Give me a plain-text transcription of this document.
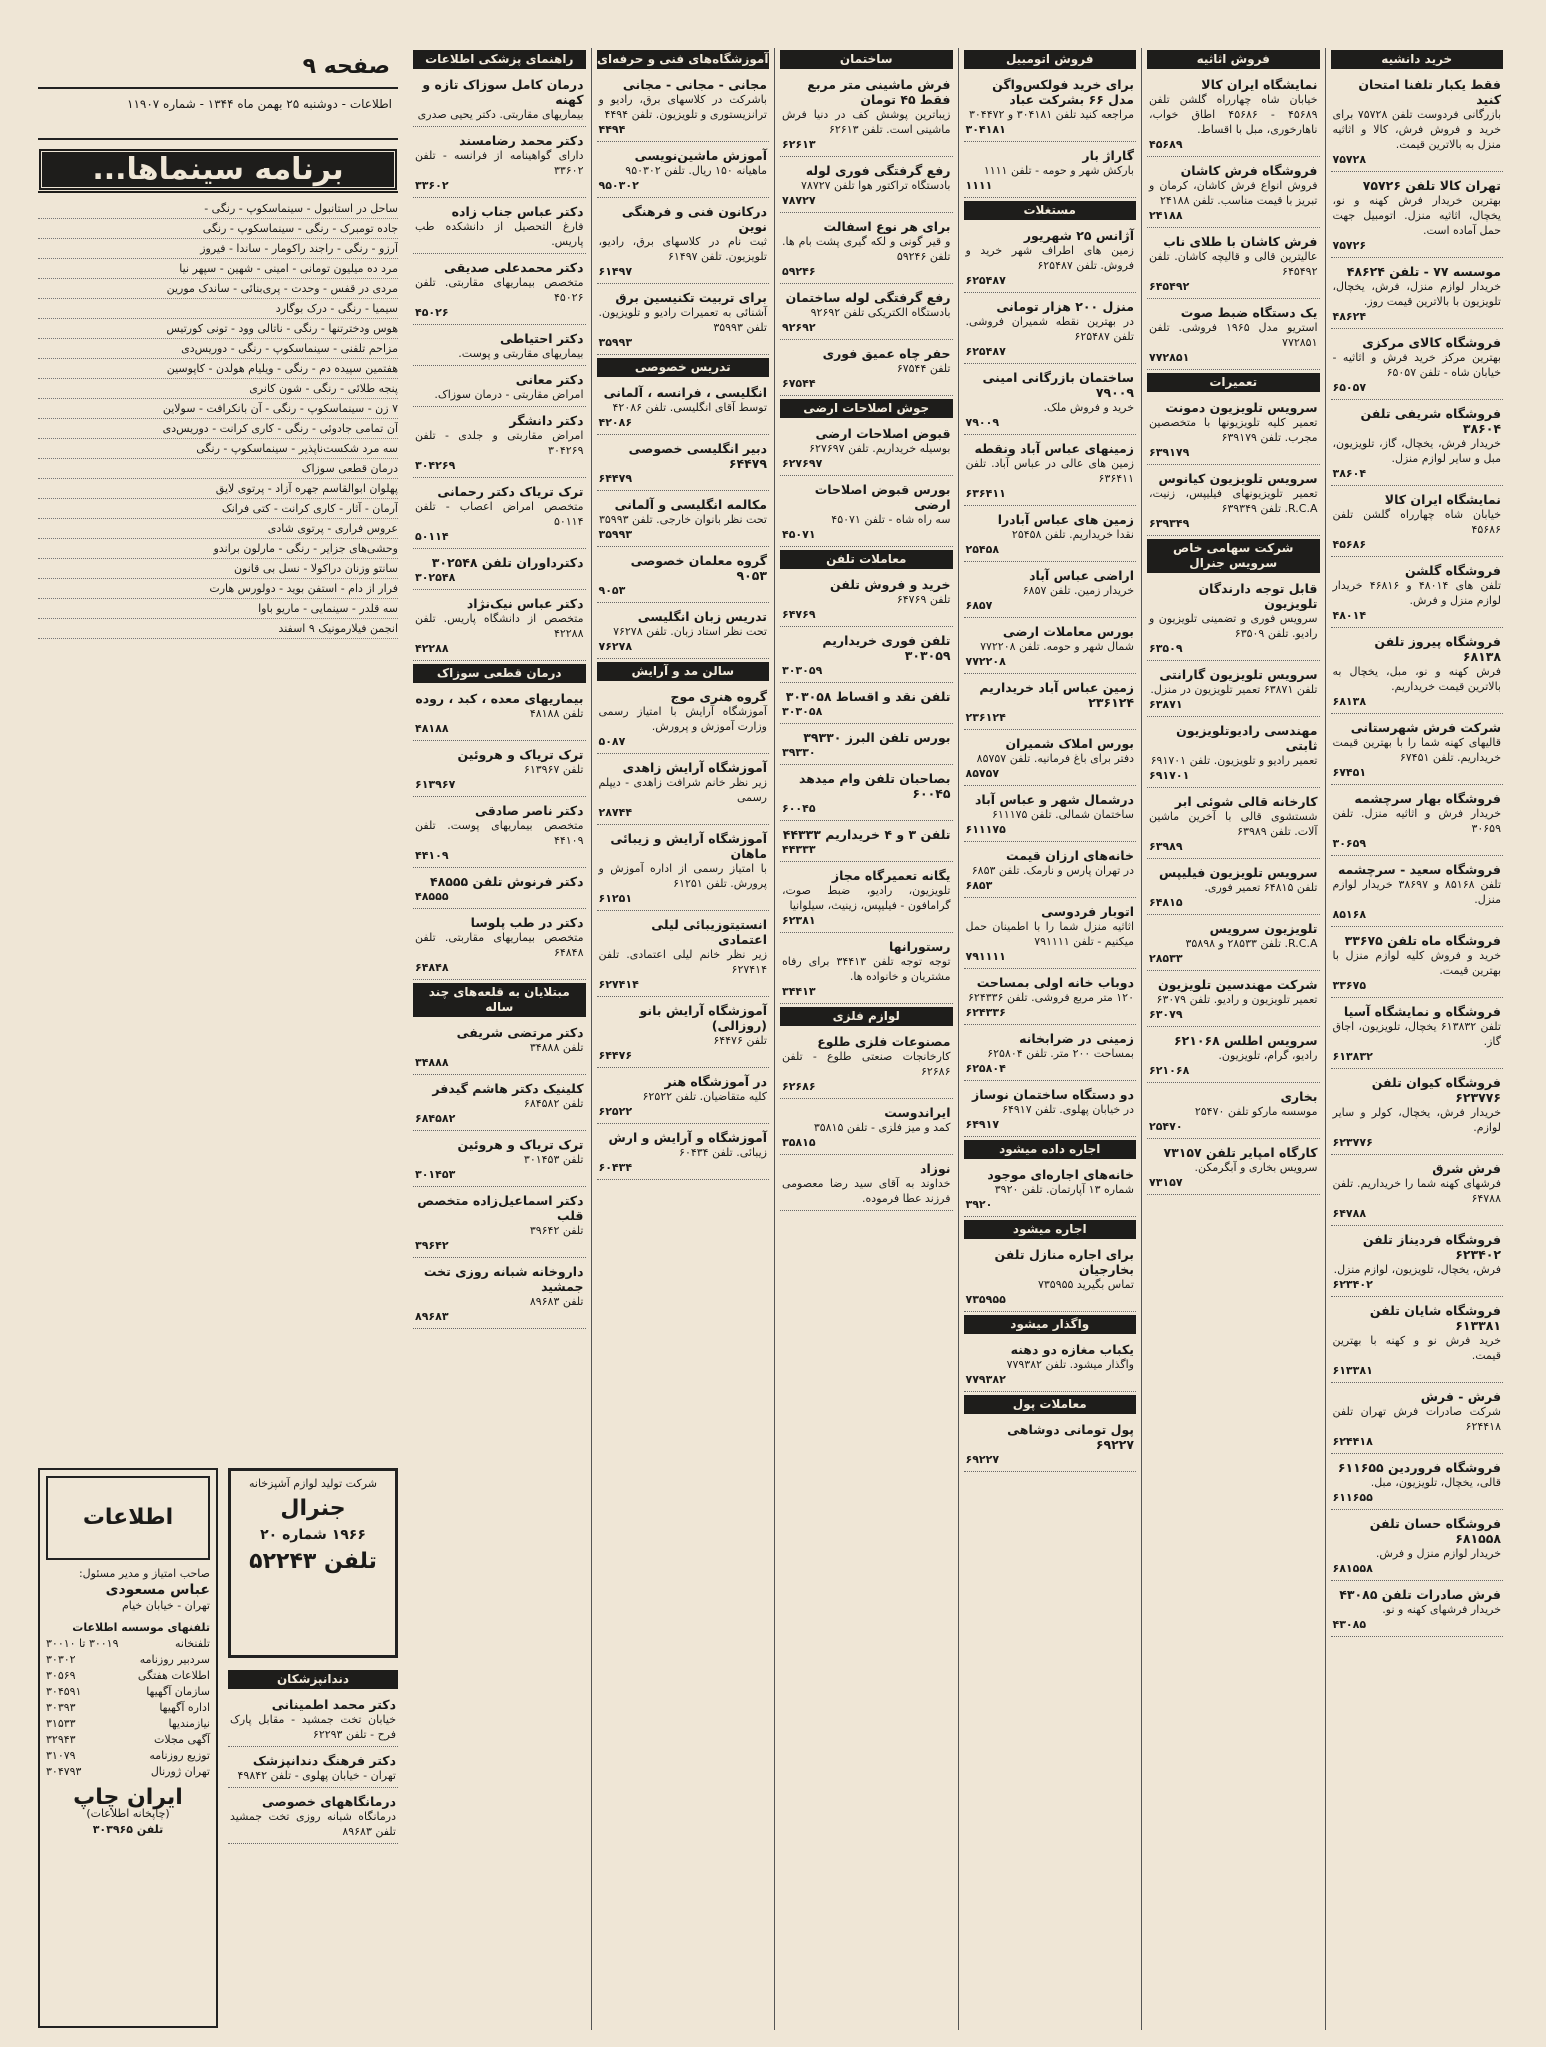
صفحه ۹
اطلاعات - دوشنبه ۲۵ بهمن ماه ۱۳۴۴ - شماره ۱۱۹۰۷
برنامه سینماها...
ساحل در استانبول - سینماسکوپ - رنگی -
جاده تومبرک - رنگی - سینماسکوپ - رنگی
آرزو - رنگی - راجند راکومار - ساندا - فیروز
مرد ده میلیون تومانی - امینی - شهین - سپهر نیا
مردی در قفس - وحدت - پری‌بنائی - ساندک مورین
سیمیا - رنگی - درک بوگارد
هوس ودخترتنها - رنگی - ناتالی وود - تونی کورتیس
مزاحم تلفنی - سینماسکوپ - رنگی - دوریس‌دی
هفتمین سپیده دم - رنگی - ویلیام هولدن - کاپوسین
پنجه طلائی - رنگی - شون کانری
۷ زن - سینماسکوپ - رنگی - آن بانکرافت - سولاین
آن تمامی جادوئی - رنگی - کاری کرانت - دوریس‌دی
سه مرد شکست‌ناپذیر - سینماسکوپ - رنگی
درمان قطعی سوزاک
پهلوان ابوالقاسم جهره آزاد - پرتوی لایق
آرمان - آثار - کاری کرانت - کتی فرانک
عروس فراری - پرتوی شادی
وحشی‌های جزایر - رنگی - مارلون براندو
سانتو وزنان دراکولا - نسل بی قانون
فرار از دام - استفن بوید - دولورس هارت
سه قلدر - سینمایی - ماریو باوا
انجمن فیلارمونیک ۹ اسفند
اطلاعات
صاحب امتیاز و مدیر مسئول:
عباس مسعودی
تهران - خیابان خیام
تلفنهای موسسه اطلاعات
تلفنخانه
۳۰۰۱۹ تا ۳۰۰۱۰
سردبیر روزنامه
۳۰۳۰۲
اطلاعات هفتگی
۳۰۵۶۹
سازمان آگهیها
۳۰۴۵۹۱
اداره آگهیها
۳۰۳۹۳
نیازمندیها
۳۱۵۳۳
آگهی مجلات
۳۲۹۴۳
توزیع روزنامه
۳۱۰۷۹
تهران ژورنال
۳۰۴۷۹۳
ایران چاپ
(چاپخانه اطلاعات)
تلفن ۳۰۳۹۶۵
شرکت تولید لوازم آشپزخانه
جنرال
۱۹۶۶ شماره ۲۰
تلفن ۵۲۲۴۳
دندانپزشکان
دکتر محمد اطمینانی
خیابان تخت جمشید - مقابل پارک فرح - تلفن ۶۲۲۹۳
دکتر فرهنگ دندانپزشک
تهران - خیابان پهلوی - تلفن ۴۹۸۴۲
درمانگاههای خصوصی
درمانگاه شبانه روزی تخت جمشید تلفن ۸۹۶۸۳
خرید دانشیه
فقط یکبار تلفنا امتحان کنید
بازرگانی فردوست تلفن ۷۵۷۲۸ برای خرید و فروش فرش، کالا و اثاثیه منزل به بالاترین قیمت.
۷۵۷۲۸
تهران کالا تلفن ۷۵۷۲۶
بهترین خریدار فرش کهنه و نو، یخچال، اثاثیه منزل. اتومبیل جهت حمل آماده است.
۷۵۷۲۶
موسسه ۷۷ - تلفن ۴۸۶۲۴
خریدار لوازم منزل، فرش، یخچال، تلویزیون با بالاترین قیمت روز.
۴۸۶۲۴
فروشگاه کالای مرکزی
بهترین مرکز خرید فرش و اثاثیه - خیابان شاه - تلفن ۶۵۰۵۷
۶۵۰۵۷
فروشگاه شریفی تلفن ۳۸۶۰۴
خریدار فرش، یخچال، گاز، تلویزیون، مبل و سایر لوازم منزل.
۳۸۶۰۴
نمایشگاه ایران کالا
خیابان شاه چهارراه گلشن تلفن ۴۵۶۸۶
۴۵۶۸۶
فروشگاه گلشن
تلفن های ۴۸۰۱۴ و ۴۶۸۱۶ خریدار لوازم منزل و فرش.
۴۸۰۱۴
فروشگاه پیروز تلفن ۶۸۱۳۸
فرش کهنه و نو، مبل، یخچال به بالاترین قیمت خریداریم.
۶۸۱۳۸
شرکت فرش شهرستانی
قالیهای کهنه شما را با بهترین قیمت خریداریم. تلفن ۶۷۴۵۱
۶۷۴۵۱
فروشگاه بهار سرچشمه
خریدار فرش و اثاثیه منزل. تلفن ۳۰۶۵۹
۳۰۶۵۹
فروشگاه سعید - سرچشمه
تلفن ۸۵۱۶۸ و ۳۸۶۹۷ خریدار لوازم منزل.
۸۵۱۶۸
فروشگاه ماه تلفن ۳۳۶۷۵
خرید و فروش کلیه لوازم منزل با بهترین قیمت.
۳۳۶۷۵
فروشگاه و نمایشگاه آسیا
تلفن ۶۱۳۸۳۲ یخچال، تلویزیون، اجاق گاز.
۶۱۳۸۳۲
فروشگاه کیوان تلفن ۶۲۳۷۷۶
خریدار فرش، یخچال، کولر و سایر لوازم.
۶۲۳۷۷۶
فرش شرق
فرشهای کهنه شما را خریداریم. تلفن ۶۴۷۸۸
۶۴۷۸۸
فروشگاه فردیناز تلفن ۶۲۳۴۰۲
فرش، یخچال، تلویزیون، لوازم منزل.
۶۲۳۴۰۲
فروشگاه شایان تلفن ۶۱۳۳۸۱
خرید فرش نو و کهنه با بهترین قیمت.
۶۱۳۳۸۱
فرش - فرش
شرکت صادرات فرش تهران تلفن ۶۲۴۴۱۸
۶۲۴۴۱۸
فروشگاه فروردین ۶۱۱۶۵۵
قالی، یخچال، تلویزیون، مبل.
۶۱۱۶۵۵
فروشگاه حسان تلفن ۶۸۱۵۵۸
خریدار لوازم منزل و فرش.
۶۸۱۵۵۸
فرش صادرات تلفن ۴۳۰۸۵
خریدار فرشهای کهنه و نو.
۴۳۰۸۵
فروش اثاثیه
نمایشگاه ایران کالا
خیابان شاه چهارراه گلشن تلفن ۴۵۶۸۹ - ۴۵۶۸۶ اطاق خواب، ناهارخوری، مبل با اقساط.
۴۵۶۸۹
فروشگاه فرش کاشان
فروش انواع فرش کاشان، کرمان و تبریز با قیمت مناسب. تلفن ۲۴۱۸۸
۲۴۱۸۸
فرش کاشان با طلای ناب
عالیترین قالی و قالیچه کاشان. تلفن ۶۴۵۴۹۲
۶۴۵۴۹۲
یک دستگاه ضبط صوت
استریو مدل ۱۹۶۵ فروشی. تلفن ۷۷۲۸۵۱
۷۷۲۸۵۱
تعمیرات
سرویس تلویزیون دمونت
تعمیر کلیه تلویزیونها با متخصصین مجرب. تلفن ۶۳۹۱۷۹
۶۳۹۱۷۹
سرویس تلویزیون کیانوس
تعمیر تلویزیونهای فیلیپس، زنیت، R.C.A. تلفن ۶۳۹۳۴۹
۶۳۹۳۴۹
شرکت سهامی خاص سرویس جنرال
قابل توجه دارندگان تلویزیون
سرویس فوری و تضمینی تلویزیون و رادیو. تلفن ۶۳۵۰۹
۶۳۵۰۹
سرویس تلویزیون گارانتی
تلفن ۶۳۸۷۱ تعمیر تلویزیون در منزل.
۶۳۸۷۱
مهندسی رادیوتلویزیون ثابتی
تعمیر رادیو و تلویزیون. تلفن ۶۹۱۷۰۱
۶۹۱۷۰۱
کارخانه قالی شوئی ابر
شستشوی قالی با آخرین ماشین آلات. تلفن ۶۳۹۸۹
۶۳۹۸۹
سرویس تلویزیون فیلیپس
تلفن ۶۴۸۱۵ تعمیر فوری.
۶۴۸۱۵
تلویزیون سرویس
R.C.A. تلفن ۲۸۵۳۳ و ۳۵۸۹۸
۲۸۵۳۳
شرکت مهندسین تلویزیون
تعمیر تلویزیون و رادیو. تلفن ۶۳۰۷۹
۶۳۰۷۹
سرویس اطلس ۶۲۱۰۶۸
رادیو، گرام، تلویزیون.
۶۲۱۰۶۸
بخاری
موسسه مارکو تلفن ۲۵۴۷۰
۲۵۴۷۰
کارگاه امپایر تلفن ۷۳۱۵۷
سرویس بخاری و آبگرمکن.
۷۳۱۵۷
فروش اتومبیل
برای خرید فولکس‌واگن مدل ۶۶ بشرکت عباد
مراجعه کنید تلفن ۳۰۴۱۸۱ و ۳۰۴۴۷۲
۳۰۴۱۸۱
گاراژ بار
بارکش شهر و حومه - تلفن ۱۱۱۱
۱۱۱۱
مستغلات
آژانس ۲۵ شهریور
زمین های اطراف شهر خرید و فروش. تلفن ۶۲۵۴۸۷
۶۲۵۴۸۷
منزل ۲۰۰ هزار تومانی
در بهترین نقطه شمیران فروشی. تلفن ۶۲۵۴۸۷
۶۲۵۴۸۷
ساختمان بازرگانی امینی ۷۹۰۰۹
خرید و فروش ملک.
۷۹۰۰۹
زمینهای عباس آباد ونقطه
زمین های عالی در عباس آباد. تلفن ۶۳۶۴۱۱
۶۳۶۴۱۱
زمین های عباس آبادرا
نقدا خریداریم. تلفن ۲۵۴۵۸
۲۵۴۵۸
اراضی عباس آباد
خریدار زمین. تلفن ۶۸۵۷
۶۸۵۷
بورس معاملات ارضی
شمال شهر و حومه. تلفن ۷۷۲۲۰۸
۷۷۲۲۰۸
زمین عباس آباد خریداریم ۲۳۶۱۲۴
۲۳۶۱۲۴
بورس املاک شمیران
دفتر برای باغ فرمانیه. تلفن ۸۵۷۵۷
۸۵۷۵۷
درشمال شهر و عباس آباد
ساختمان شمالی. تلفن ۶۱۱۱۷۵
۶۱۱۱۷۵
خانه‌های ارزان قیمت
در تهران پارس و نارمک. تلفن ۶۸۵۳
۶۸۵۳
اتوبار فردوسی
اثاثیه منزل شما را با اطمینان حمل میکنیم - تلفن ۷۹۱۱۱۱
۷۹۱۱۱۱
دوباب خانه اولی بمساحت
۱۲۰ متر مربع فروشی. تلفن ۶۲۴۳۳۶
۶۲۴۳۳۶
زمینی در ضرابخانه
بمساحت ۲۰۰ متر. تلفن ۶۲۵۸۰۴
۶۲۵۸۰۴
دو دستگاه ساختمان نوساز
در خیابان پهلوی. تلفن ۶۴۹۱۷
۶۴۹۱۷
اجاره داده میشود
خانه‌های اجاره‌ای موجود
شماره ۱۳ آپارتمان. تلفن ۳۹۲۰
۳۹۲۰
اجاره میشود
برای اجاره منازل تلفن بخارجیان
تماس بگیرید ۷۳۵۹۵۵
۷۳۵۹۵۵
واگذار میشود
یکباب مغازه دو دهنه
واگذار میشود. تلفن ۷۷۹۳۸۲
۷۷۹۳۸۲
معاملات پول
پول تومانی دوشاهی ۶۹۲۲۷
۶۹۲۲۷
ساختمان
فرش ماشینی متر مربع فقط ۴۵ تومان
زیباترین پوشش کف در دنیا فرش ماشینی است. تلفن ۶۲۶۱۳
۶۲۶۱۳
رفع گرفتگی فوری لوله
بادستگاه تراکتور هوا تلفن ۷۸۷۲۷
۷۸۷۲۷
برای هر نوع اسفالت
و قیر گونی و لکه گیری پشت بام ها. تلفن ۵۹۲۴۶
۵۹۲۴۶
رفع گرفتگی لوله ساختمان
بادستگاه الکتریکی تلفن ۹۲۶۹۲
۹۲۶۹۲
حفر چاه عمیق فوری
تلفن ۶۷۵۴۴
۶۷۵۴۴
جوش اصلاحات ارضی
قبوض اصلاحات ارضی
بوسیله خریداریم. تلفن ۶۲۷۶۹۷
۶۲۷۶۹۷
بورس قبوض اصلاحات ارضی
سه راه شاه - تلفن ۴۵۰۷۱
۴۵۰۷۱
معاملات تلفن
خرید و فروش تلفن
تلفن ۶۴۷۶۹
۶۴۷۶۹
تلفن فوری خریداریم ۳۰۳۰۵۹
۳۰۳۰۵۹
تلفن نقد و اقساط ۳۰۳۰۵۸
۳۰۳۰۵۸
بورس تلفن البرز ۳۹۳۳۰
۳۹۳۳۰
بصاحبان تلفن وام میدهد ۶۰۰۴۵
۶۰۰۴۵
تلفن ۳ و ۴ خریداریم ۴۴۳۳۳
۴۴۳۳۳
یگانه تعمیرگاه مجاز
تلویزیون، رادیو، ضبط صوت، گرامافون - فیلیپس، زینیث، سیلوانیا
۶۲۳۸۱
رستورانها
توجه توجه تلفن ۳۴۴۱۳ برای رفاه مشتریان و خانواده ها.
۳۴۴۱۳
لوازم فلزی
مصنوعات فلزی طلوع
کارخانجات صنعتی طلوع - تلفن ۶۲۶۸۶
۶۲۶۸۶
ایراندوست
کمد و میز فلزی - تلفن ۳۵۸۱۵
۳۵۸۱۵
نوزاد
خداوند به آقای سید رضا معصومی فرزند عطا فرموده.
آموزشگاه‌های فنی و حرفه‌ای
مجانی - مجانی - مجانی
باشرکت در کلاسهای برق، رادیو و ترانزیستوری و تلویزیون. تلفن ۴۴۹۴
۴۴۹۴
آموزش ماشین‌نویسی
ماهیانه ۱۵۰ ریال. تلفن ۹۵۰۳۰۲
۹۵۰۳۰۲
درکانون فنی و فرهنگی نوین
ثبت نام در کلاسهای برق، رادیو، تلویزیون. تلفن ۶۱۴۹۷
۶۱۴۹۷
برای تربیت تکنیسین برق
آشنائی به تعمیرات رادیو و تلویزیون. تلفن ۳۵۹۹۳
۳۵۹۹۳
تدریس خصوصی
انگلیسی ، فرانسه ، آلمانی
توسط آقای انگلیسی. تلفن ۴۲۰۸۶
۴۲۰۸۶
دبیر انگلیسی خصوصی ۶۴۴۷۹
۶۴۴۷۹
مکالمه انگلیسی و آلمانی
تحت نظر بانوان خارجی. تلفن ۳۵۹۹۳
۳۵۹۹۳
گروه معلمان خصوصی ۹۰۵۳
۹۰۵۳
تدریس زبان انگلیسی
تحت نظر استاد زبان. تلفن ۷۶۲۷۸
۷۶۲۷۸
سالن مد و آرایش
گروه هنری موج
آموزشگاه آرایش با امتیاز رسمی وزارت آموزش و پرورش.
۵۰۸۷
آموزشگاه آرایش زاهدی
زیر نظر خانم شرافت زاهدی - دیپلم رسمی
۲۸۷۴۴
آموزشگاه آرایش و زیبائی ماهان
با امتیاز رسمی از اداره آموزش و پرورش. تلفن ۶۱۲۵۱
۶۱۲۵۱
انستیتوزیبائی لیلی اعتمادی
زیر نظر خانم لیلی اعتمادی. تلفن ۶۲۷۴۱۴
۶۲۷۴۱۴
آموزشگاه آرایش بانو (روزالی)
تلفن ۶۴۴۷۶
۶۴۴۷۶
در آموزشگاه هنر
کلیه متقاضیان. تلفن ۶۲۵۲۲
۶۲۵۲۲
آموزشگاه و آرایش و ارش
زیبائی. تلفن ۶۰۴۳۴
۶۰۴۳۴
راهنمای پزشکی اطلاعات
درمان کامل سوزاک تازه و کهنه
بیماریهای مقاربتی. دکتر یحیی صدری
دکتر محمد رضامسند
دارای گواهینامه از فرانسه - تلفن ۳۳۶۰۲
۳۳۶۰۲
دکتر عباس جناب زاده
فارغ التحصیل از دانشکده طب پاریس.
دکتر محمدعلی صدیقی
متخصص بیماریهای مقاربتی. تلفن ۴۵۰۲۶
۴۵۰۲۶
دکتر احتیاطی
بیماریهای مقاربتی و پوست.
دکتر معانی
امراض مقاربتی - درمان سوزاک.
دکتر دانشگر
امراض مقاربتی و جلدی - تلفن ۳۰۴۲۶۹
۳۰۴۲۶۹
ترک تریاک دکتر رحمانی
متخصص امراض اعصاب - تلفن ۵۰۱۱۴
۵۰۱۱۴
دکترداوران تلفن ۳۰۲۵۴۸
۳۰۲۵۴۸
دکتر عباس نیک‌نژاد
متخصص از دانشگاه پاریس. تلفن ۴۲۲۸۸
۴۲۲۸۸
درمان قطعی سوزاک
بیماریهای معده ، کبد ، روده
تلفن ۴۸۱۸۸
۴۸۱۸۸
ترک تریاک و هروئین
تلفن ۶۱۳۹۶۷
۶۱۳۹۶۷
دکتر ناصر صادقی
متخصص بیماریهای پوست. تلفن ۴۴۱۰۹
۴۴۱۰۹
دکتر فرنوش تلفن ۴۸۵۵۵
۴۸۵۵۵
دکتر در طب پلوسا
متخصص بیماریهای مقاربتی. تلفن ۶۴۸۴۸
۶۴۸۴۸
مبتلایان به قلعه‌های چند ساله
دکتر مرتضی شریفی
تلفن ۳۴۸۸۸
۳۴۸۸۸
کلینیک دکتر هاشم گیدفر
تلفن ۶۸۴۵۸۲
۶۸۴۵۸۲
ترک تریاک و هروئین
تلفن ۳۰۱۴۵۳
۳۰۱۴۵۳
دکتر اسماعیل‌زاده متخصص قلب
تلفن ۳۹۶۴۲
۳۹۶۴۲
داروخانه شبانه روزی تخت جمشید
تلفن ۸۹۶۸۳
۸۹۶۸۳
